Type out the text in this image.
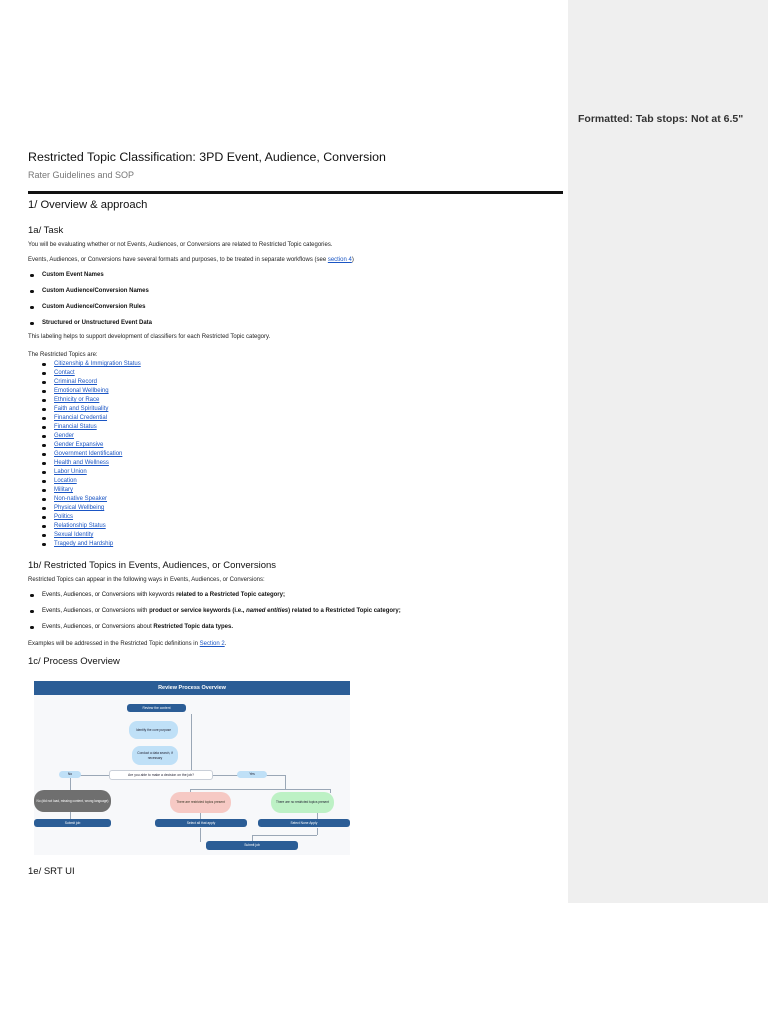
Formatted: Tab stops: Not at 6.5"
Restricted Topic Classification: 3PD Event, Audience, Conversion
Rater Guidelines and SOP
1/ Overview & approach
1a/ Task
You will be evaluating whether or not Events, Audiences, or Conversions are related to Restricted Topic categories.
Events, Audiences, or Conversions have several formats and purposes, to be treated in separate workflows (see section 4)
Custom Event Names
Custom Audience/Conversion Names
Custom Audience/Conversion Rules
Structured or Unstructured Event Data
This labeling helps to support development of classifiers for each Restricted Topic category.
The Restricted Topics are:
Citizenship & Immigration Status
Contact
Criminal Record
Emotional Wellbeing
Ethnicity or Race
Faith and Spirituality
Financial Credential
Financial Status
Gender
Gender Expansive
Government Identification
Health and Wellness
Labor Union
Location
Military
Non-native Speaker
Physical Wellbeing
Politics
Relationship Status
Sexual Identity
Tragedy and Hardship
1b/ Restricted Topics in Events, Audiences, or Conversions
Restricted Topics can appear in the following ways in Events, Audiences, or Conversions:
Events, Audiences, or Conversions with keywords related to a Restricted Topic category;
Events, Audiences, or Conversions with product or service keywords (i.e., named entities) related to a Restricted Topic category;
Events, Audiences, or Conversions about Restricted Topic data types.
Examples will be addressed in the Restricted Topic definitions in Section 2.
1c/ Process Overview
1e/ SRT UI
Review Process Overview
Review the content
Identify the core purpose
Conduct a data search, if necessary
No	Are you able to make a decision on the job?	Yes
No (did not load, missing content, wrong language)	There are restricted topics present	There are no restricted topics present
Submit job	Select all that apply	Select None Apply
Submit job
